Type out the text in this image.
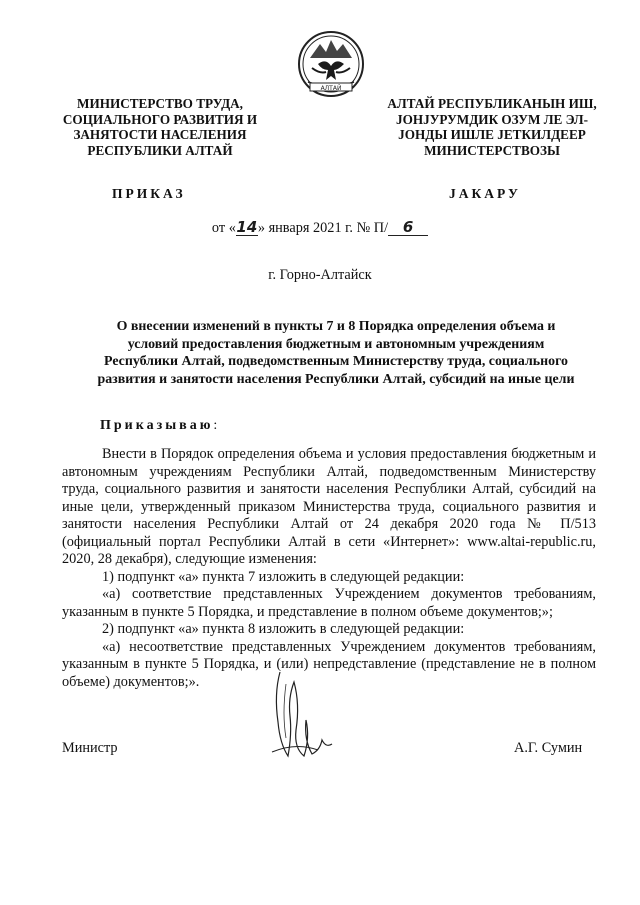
АЛТАЙ
МИНИСТЕРСТВО ТРУДА,
СОЦИАЛЬНОГО РАЗВИТИЯ И
ЗАНЯТОСТИ НАСЕЛЕНИЯ
РЕСПУБЛИКИ АЛТАЙ
АЛТАЙ РЕСПУБЛИКАНЫН ИШ,
ЈОНЈУРУМДИК ОЗУМ ЛЕ ЭЛ-
ЈОНДЫ ИШЛЕ ЈЕТКИЛДЕЕР
МИНИСТЕРСТВОЗЫ
ПРИКАЗ	ЈАКАРУ
от «14» января 2021 г. № П/ 6
г. Горно-Алтайск
О внесении изменений в пункты 7 и 8 Порядка определения объема и
условий предоставления бюджетным и автономным учреждениям
Республики Алтай, подведомственным Министерству труда, социального
развития и занятости населения Республики Алтай, субсидий на иные цели
Приказываю:

Внести в Порядок определения объема и условия предоставления бюджетным и автономным учреждениям Республики Алтай, подведомственным Министерству труда, социального развития и занятости населения Республики Алтай, субсидий на иные цели, утвержденный приказом Министерства труда, социального развития и занятости населения Республики Алтай от 24 декабря 2020 года № П/513 (официальный портал Республики Алтай в сети «Интернет»: www.altai-republic.ru, 2020, 28 декабря), следующие изменения:

1) подпункт «а» пункта 7 изложить в следующей редакции:

«а) соответствие представленных Учреждением документов требованиям, указанным в пункте 5 Порядка, и представление в полном объеме документов;»;

2) подпункт «а» пункта 8 изложить в следующей редакции:

«а) несоответствие представленных Учреждением документов требованиям, указанным в пункте 5 Порядка, и (или) непредставление (представление не в полном объеме) документов;».

Министр	А.Г. Сумин
